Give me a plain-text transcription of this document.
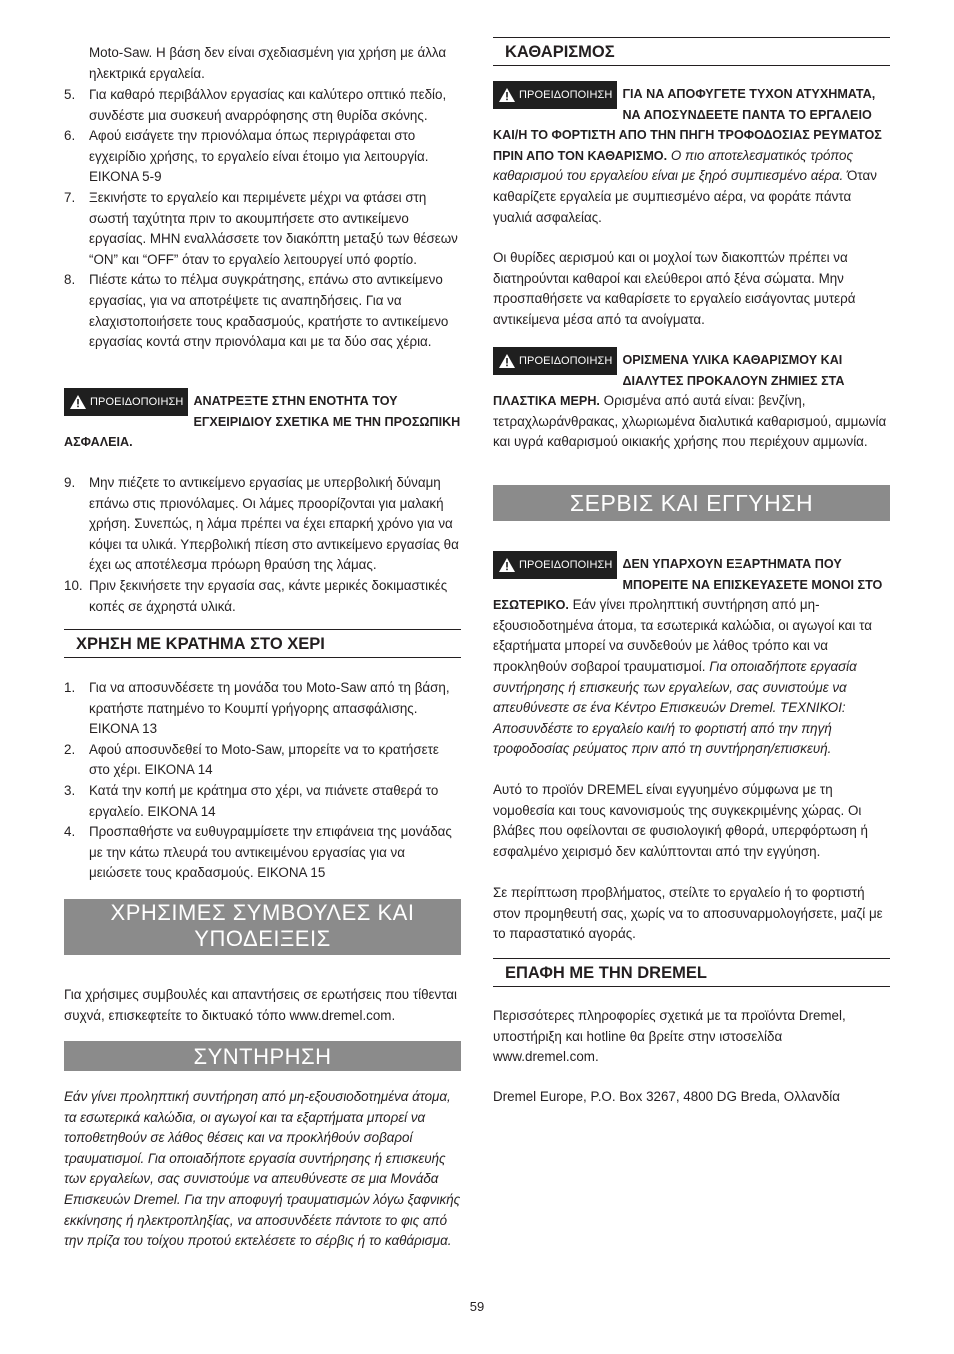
Moto-Saw. Η βάση δεν είναι σχεδιασμένη για χρήση με άλλα ηλεκτρικά εργαλεία.

5. Για καθαρό περιβάλλον εργασίας και καλύτερο οπτικό πεδίο, συνδέστε μια συσκευή αναρρόφησης στη θυρίδα σκόνης.
6. Αφού εισάγετε την πριονόλαμα όπως περιγράφεται στο εγχειρίδιο χρήσης, το εργαλείο είναι έτοιμο για λειτουργία. ΕΙΚΟΝΑ 5-9
7. Ξεκινήστε το εργαλείο και περιμένετε μέχρι να φτάσει στη σωστή ταχύτητα πριν το ακουμπήσετε στο αντικείμενο εργασίας. ΜΗΝ εναλλάσσετε τον διακόπτη μεταξύ των θέσεων “ON” και “OFF” όταν το εργαλείο λειτουργεί υπό φορτίο.
8. Πιέστε κάτω το πέλμα συγκράτησης, επάνω στο αντικείμενο εργασίας, για να αποτρέψετε τις αναπηδήσεις. Για να ελαχιστοποιήσετε τους κραδασμούς, κρατήστε το αντικείμενο εργασίας κοντά στην πριονόλαμα και με τα δύο σας χέρια.
ΠΡΟΕΙΔΟΠΟΙΗΣΗ ΑΝΑΤΡΕΞΤΕ ΣΤΗΝ ΕΝΟΤΗΤΑ ΤΟΥ ΕΓΧΕΙΡΙΔΙΟΥ ΣΧΕΤΙΚΑ ΜΕ ΤΗΝ ΠΡΟΣΩΠΙΚΗ ΑΣΦΑΛΕΙΑ.
9. Μην πιέζετε το αντικείμενο εργασίας με υπερβολική δύναμη επάνω στις πριονόλαμες. Οι λάμες προορίζονται για μαλακή χρήση. Συνεπώς, η λάμα πρέπει να έχει επαρκή χρόνο για να κόψει τα υλικά. Υπερβολική πίεση στο αντικείμενο εργασίας θα έχει ως αποτέλεσμα πρόωρη θραύση της λάμας.
10. Πριν ξεκινήσετε την εργασία σας, κάντε μερικές δοκιμαστικές κοπές σε άχρηστά υλικά.
ΧΡΗΣΗ ΜΕ ΚΡΑΤΗΜΑ ΣΤΟ ΧΕΡΙ
1. Για να αποσυνδέσετε τη μονάδα του Moto-Saw από τη βάση, κρατήστε πατημένο το Κουμπί γρήγορης απασφάλισης. ΕΙΚΟΝΑ 13
2. Αφού αποσυνδεθεί το Moto-Saw, μπορείτε να το κρατήσετε στο χέρι. ΕΙΚΟΝΑ 14
3. Κατά την κοπή με κράτημα στο χέρι, να πιάνετε σταθερά το εργαλείο. ΕΙΚΟΝΑ 14
4. Προσπαθήστε να ευθυγραμμίσετε την επιφάνεια της μονάδας με την κάτω πλευρά του αντικειμένου εργασίας για να μειώσετε τους κραδασμούς. ΕΙΚΟΝΑ 15
ΧΡΗΣΙΜΕΣ ΣΥΜΒΟΥΛΕΣ ΚΑΙ ΥΠΟΔΕΙΞΕΙΣ

Για χρήσιμες συμβουλές και απαντήσεις σε ερωτήσεις που τίθενται συχνά, επισκεφτείτε το δικτυακό τόπο www.dremel.com.

ΣΥΝΤΗΡΗΣΗ

Εάν γίνει προληπτική συντήρηση από μη-εξουσιοδοτημένα άτομα, τα εσωτερικά καλώδια, οι αγωγοί και τα εξαρτήματα μπορεί να τοποθετηθούν σε λάθος θέσεις και να προκλήθούν σοβαροί τραυματισμοί. Για οποιαδήποτε εργασία συντήρησης ή επισκευής των εργαλείων, σας συνιστούμε να απευθύνεστε σε μια Μονάδα Επισκευών Dremel. Για την αποφυγή τραυματισμών λόγω ξαφνικής εκκίνησης ή ηλεκτροπληξίας, να αποσυνδέετε πάντοτε το φις από την πρίζα του τοίχου προτού εκτελέσετε το σέρβις ή το καθάρισμα.

ΚΑΘΑΡΙΣΜΟΣ
ΠΡΟΕΙΔΟΠΟΙΗΣΗ ΓΙΑ ΝΑ ΑΠΟΦΥΓΕΤΕ ΤΥΧΟΝ ΑΤΥΧΗΜΑΤΑ, ΝΑ ΑΠΟΣΥΝΔΕΕΤΕ ΠΑΝΤΑ ΤΟ ΕΡΓΑΛΕΙΟ ΚΑΙ/Η ΤΟ ΦΟΡΤΙΣΤΗ ΑΠΟ ΤΗΝ ΠΗΓΗ ΤΡΟΦΟΔΟΣΙΑΣ ΡΕΥΜΑΤΟΣ ΠΡΙΝ ΑΠΟ ΤΟΝ ΚΑΘΑΡΙΣΜΟ. Ο πιο αποτελεσματικός τρόπος καθαρισμού του εργαλείου είναι με ξηρό συμπιεσμένο αέρα. Όταν καθαρίζετε εργαλεία με συμπιεσμένο αέρα, να φοράτε πάντα γυαλιά ασφαλείας.

Οι θυρίδες αερισμού και οι μοχλοί των διακοπτών πρέπει να διατηρούνται καθαροί και ελεύθεροι από ξένα σώματα. Μην προσπαθήσετε να καθαρίσετε το εργαλείο εισάγοντας μυτερά αντικείμενα μέσα από τα ανοίγματα.

ΠΡΟΕΙΔΟΠΟΙΗΣΗ ΟΡΙΣΜΕΝΑ ΥΛΙΚΑ ΚΑΘΑΡΙΣΜΟΥ ΚΑΙ ΔΙΑΛΥΤΕΣ ΠΡΟΚΑΛΟΥΝ ΖΗΜΙΕΣ ΣΤΑ ΠΛΑΣΤΙΚΑ ΜΕΡΗ. Ορισμένα από αυτά είναι: βενζίνη, τετραχλωράνθρακας, χλωριωμένα διαλυτικά καθαρισμού, αμμωνία και υγρά καθαρισμού οικιακής χρήσης που περιέχουν αμμωνία.
ΣΕΡΒΙΣ ΚΑΙ ΕΓΓΥΗΣΗ
ΠΡΟΕΙΔΟΠΟΙΗΣΗ ΔΕΝ ΥΠΑΡΧΟΥΝ ΕΞΑΡΤΗΜΑΤΑ ΠΟΥ ΜΠΟΡΕΙΤΕ ΝΑ ΕΠΙΣΚΕΥΑΣΕΤΕ ΜΟΝΟΙ ΣΤΟ ΕΣΩΤΕΡΙΚΟ. Εάν γίνει προληπτική συντήρηση από μη-εξουσιοδοτημένα άτομα, τα εσωτερικά καλώδια, οι αγωγοί και τα εξαρτήματα μπορεί να συνδεθούν με λάθος τρόπο και να προκληθούν σοβαροί τραυματισμοί. Για οποιαδήποτε εργασία συντήρησης ή επισκευής των εργαλείων, σας συνιστούμε να απευθύνεστε σε ένα Κέντρο Επισκευών Dremel. ΤΕΧΝΙΚΟΙ: Αποσυνδέστε το εργαλείο και/ή το φορτιστή από την πηγή τροφοδοσίας ρεύματος πριν από τη συντήρηση/επισκευή.

Αυτό το προϊόν DREMEL είναι εγγυημένο σύμφωνα με τη νομοθεσία και τους κανονισμούς της συγκεκριμένης χώρας. Οι βλάβες που οφείλονται σε φυσιολογική φθορά, υπερφόρτωση ή εσφαλμένο χειρισμό δεν καλύπτονται από την εγγύηση.

Σε περίπτωση προβλήματος, στείλτε το εργαλείο ή το φορτιστή στον προμηθευτή σας, χωρίς να το αποσυναρμολογήσετε, μαζί με το παραστατικό αγοράς.

ΕΠΑΦΗ ΜΕ ΤΗΝ DREMEL

Περισσότερες πληροφορίες σχετικά με τα προϊόντα Dremel, υποστήριξη και hotline θα βρείτε στην ιστοσελίδα www.dremel.com.

Dremel Europe, P.O. Box 3267, 4800 DG Breda, Ολλανδία

59
